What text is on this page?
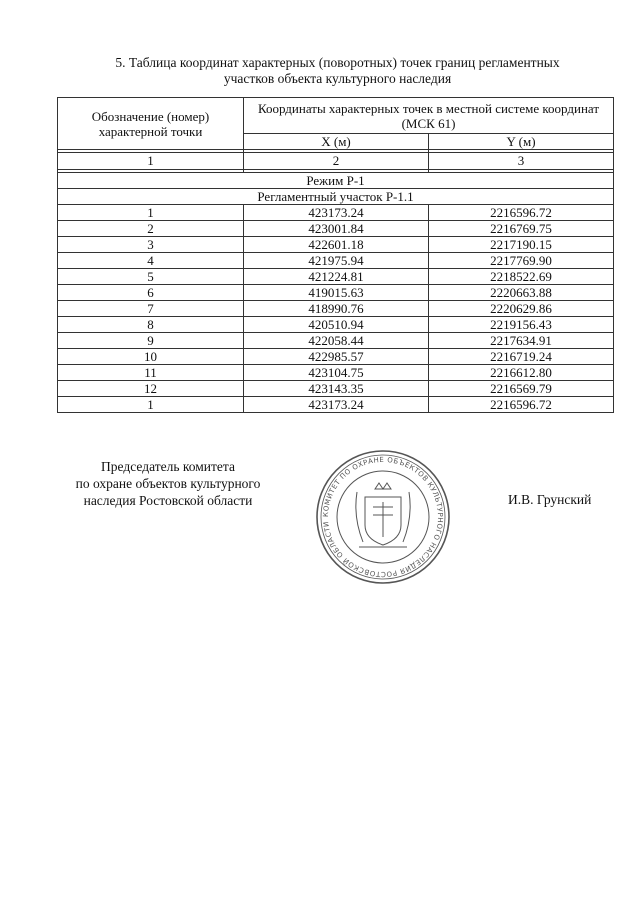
5. Таблица координат характерных (поворотных) точек границ регламентных
участков объекта культурного наследия
Обозначение (номер) характерной точки	Координаты характерных точек в местной системе координат (МСК 61)	
	X (м)	Y (м)

1	2	3

Режим Р-1		
Регламентный участок Р-1.1		
1	423173.24	2216596.72
2	423001.84	2216769.75
3	422601.18	2217190.15
4	421975.94	2217769.90
5	421224.81	2218522.69
6	419015.63	2220663.88
7	418990.76	2220629.86
8	420510.94	2219156.43
9	422058.44	2217634.91
10	422985.57	2216719.24
11	423104.75	2216612.80
12	423143.35	2216569.79
1	423173.24	2216596.72
Председатель комитета
по охране объектов культурного
наследия Ростовской области
КОМИТЕТ ПО ОХРАНЕ ОБЪЕКТОВ КУЛЬТУРНОГО НАСЛЕДИЯ РОСТОВСКОЙ ОБЛАСТИ
И.В. Грунский
